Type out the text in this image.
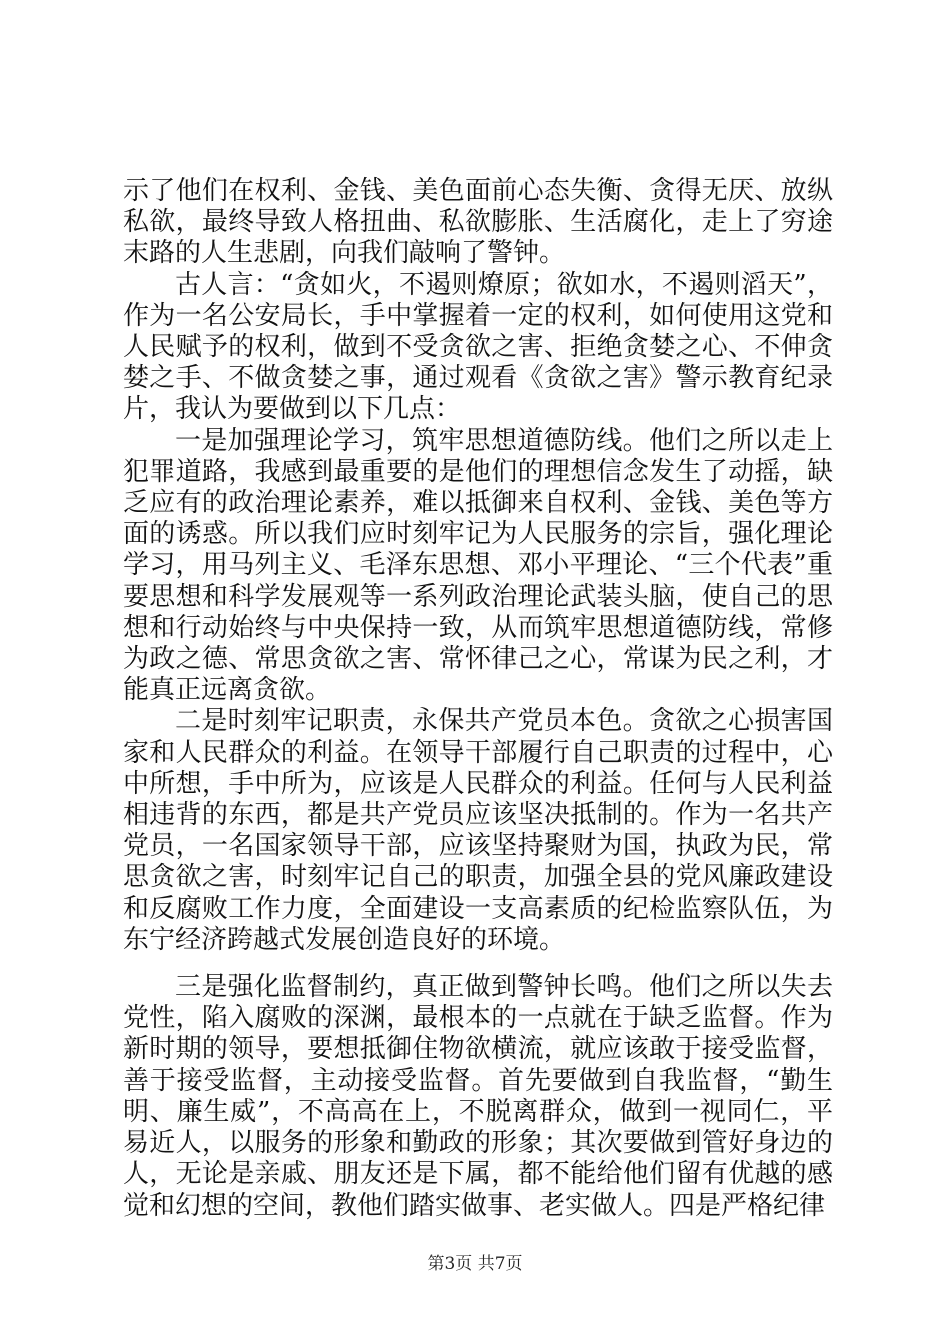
示了他们在权利、金钱、美色面前心态失衡、贪得无厌、放纵私欲，最终导致人格扭曲、私欲膨胀、生活腐化，走上了穷途末路的人生悲剧，向我们敲响了警钟。

古人言：“贪如火，不遏则燎原；欲如水，不遏则滔天”，作为一名公安局长，手中掌握着一定的权利，如何使用这党和人民赋予的权利，做到不受贪欲之害、拒绝贪婪之心、不伸贪婪之手、不做贪婪之事，通过观看《贪欲之害》警示教育纪录片，我认为要做到以下几点：

一是加强理论学习，筑牢思想道德防线。他们之所以走上犯罪道路，我感到最重要的是他们的理想信念发生了动摇，缺乏应有的政治理论素养，难以抵御来自权利、金钱、美色等方面的诱惑。所以我们应时刻牢记为人民服务的宗旨，强化理论学习，用马列主义、毛泽东思想、邓小平理论、“三个代表”重要思想和科学发展观等一系列政治理论武装头脑，使自己的思想和行动始终与中央保持一致，从而筑牢思想道德防线，常修为政之德、常思贪欲之害、常怀律己之心，常谋为民之利，才能真正远离贪欲。

二是时刻牢记职责，永保共产党员本色。贪欲之心损害国家和人民群众的利益。在领导干部履行自己职责的过程中，心中所想，手中所为，应该是人民群众的利益。任何与人民利益相违背的东西，都是共产党员应该坚决抵制的。作为一名共产党员，一名国家领导干部，应该坚持聚财为国，执政为民，常思贪欲之害，时刻牢记自己的职责，加强全县的党风廉政建设和反腐败工作力度，全面建设一支高素质的纪检监察队伍，为东宁经济跨越式发展创造良好的环境。

三是强化监督制约，真正做到警钟长鸣。他们之所以失去党性，陷入腐败的深渊，最根本的一点就在于缺乏监督。作为新时期的领导，要想抵御住物欲横流，就应该敢于接受监督，善于接受监督，主动接受监督。首先要做到自我监督，“勤生明、廉生威”，不高高在上，不脱离群众，做到一视同仁，平易近人，以服务的形象和勤政的形象；其次要做到管好身边的人，无论是亲戚、朋友还是下属，都不能给他们留有优越的感觉和幻想的空间，教他们踏实做事、老实做人。四是严格纪律

第3页 共7页
